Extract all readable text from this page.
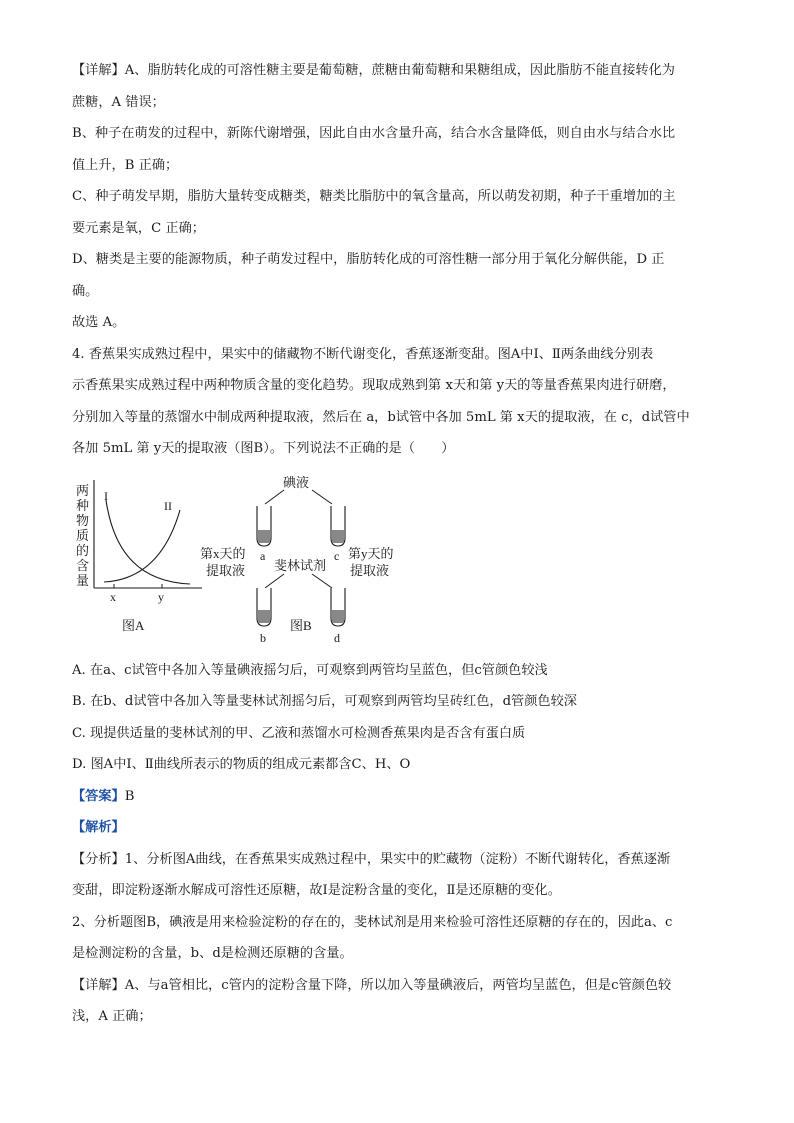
【详解】A、脂肪转化成的可溶性糖主要是葡萄糖，蔗糖由葡萄糖和果糖组成，因此脂肪不能直接转化为

蔗糖，A 错误；

B、种子在萌发的过程中，新陈代谢增强，因此自由水含量升高，结合水含量降低，则自由水与结合水比

值上升，B 正确；

C、种子萌发早期，脂肪大量转变成糖类，糖类比脂肪中的氧含量高，所以萌发初期，种子干重增加的主

要元素是氧，C 正确；

D、糖类是主要的能源物质，种子萌发过程中，脂肪转化成的可溶性糖一部分用于氧化分解供能，D 正

确。

故选 A。

4. 香蕉果实成熟过程中，果实中的储藏物不断代谢变化，香蕉逐渐变甜。图A中Ⅰ、Ⅱ两条曲线分别表

示香蕉果实成熟过程中两种物质含量的变化趋势。现取成熟到第 x天和第 y天的等量香蕉果肉进行研磨，

分别加入等量的蒸馏水中制成两种提取液，然后在 a，b试管中各加 5mL 第 x天的提取液，在 c，d试管中

各加 5mL 第 y天的提取液（图B）。下列说法不正确的是（　　）

两
种
物
质
的
含
量
I
II
x	y
图A
碘液
a	c
第x天的
提取液
第y天的
提取液
斐林试剂
b	d
图B

A. 在a、c试管中各加入等量碘液摇匀后，可观察到两管均呈蓝色，但c管颜色较浅

B. 在b、d试管中各加入等量斐林试剂摇匀后，可观察到两管均呈砖红色，d管颜色较深

C. 现提供适量的斐林试剂的甲、乙液和蒸馏水可检测香蕉果肉是否含有蛋白质

D. 图A中Ⅰ、Ⅱ曲线所表示的物质的组成元素都含C、H、O

【答案】B

【解析】

【分析】1、分析图A曲线，在香蕉果实成熟过程中，果实中的贮藏物（淀粉）不断代谢转化，香蕉逐渐

变甜，即淀粉逐渐水解成可溶性还原糖，故Ⅰ是淀粉含量的变化，Ⅱ是还原糖的变化。

2、分析题图B，碘液是用来检验淀粉的存在的，斐林试剂是用来检验可溶性还原糖的存在的，因此a、c

是检测淀粉的含量，b、d是检测还原糖的含量。

【详解】A、与a管相比，c管内的淀粉含量下降，所以加入等量碘液后，两管均呈蓝色，但是c管颜色较

浅，A 正确；
